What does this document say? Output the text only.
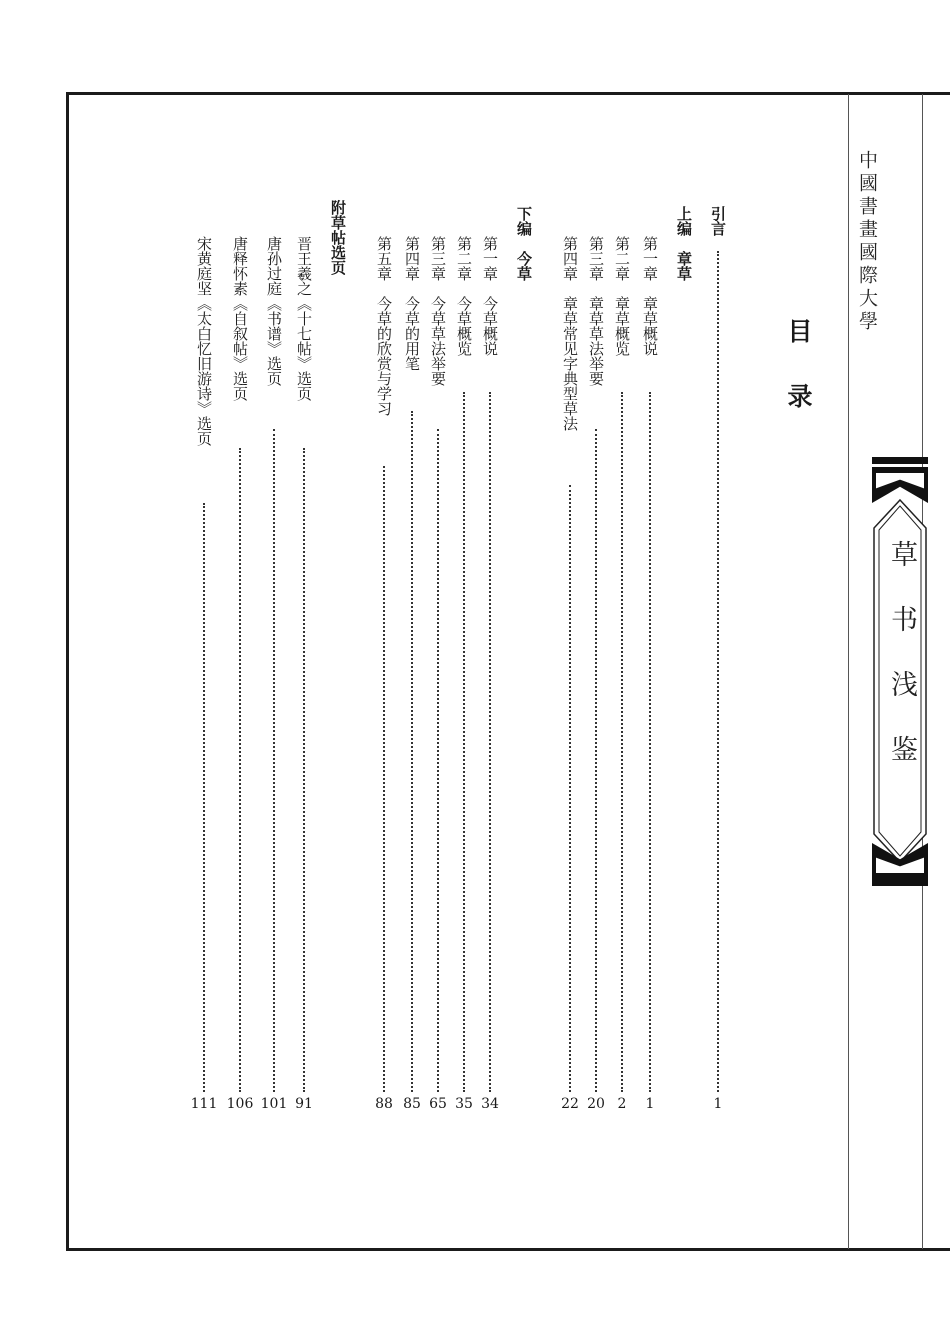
中國書畫國際大學
草书浅鉴
目录
引言
1
上编　章草
第一章　章草概说
1
第二章　章草概览
2
第三章　章草草法举要
20
第四章　章草常见字典型草法
22
下编　今草
第一章　今草概说
34
第二章　今草概览
35
第三章　今草草法举要
65
第四章　今草的用笔
85
第五章　今草的欣赏与学习
88
附草帖选页
晋王羲之《十七帖》选页
91
唐孙过庭《书谱》选页
101
唐释怀素《自叙帖》选页
106
宋黄庭坚《太白忆旧游诗》选页
111
